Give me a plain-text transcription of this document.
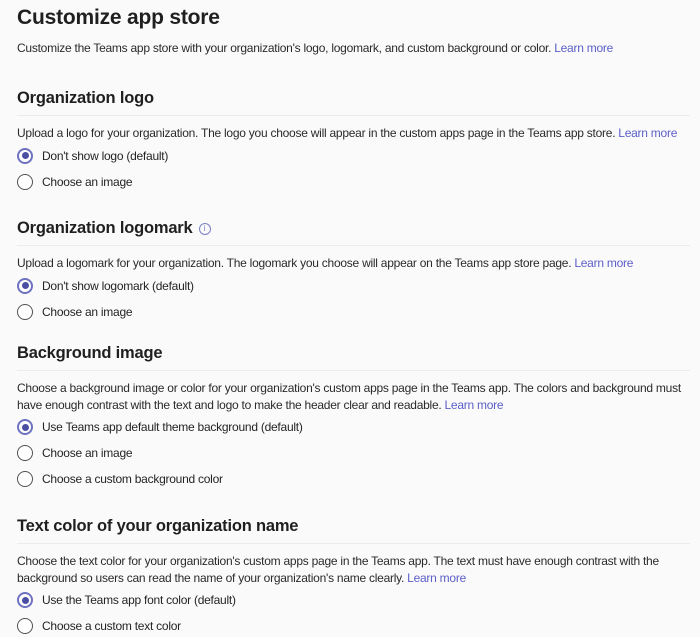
Customize app store

Customize the Teams app store with your organization's logo, logomark, and custom background or color. Learn more

Organization logo

Upload a logo for your organization. The logo you choose will appear in the custom apps page in the Teams app store. Learn more

Don't show logo (default)
Choose an image
Organization logomark i

Upload a logomark for your organization. The logomark you choose will appear on the Teams app store page. Learn more

Don't show logomark (default)
Choose an image
Background image

Choose a background image or color for your organization's custom apps page in the Teams app. The colors and background must have enough contrast with the text and logo to make the header clear and readable. Learn more

Use Teams app default theme background (default)
Choose an image
Choose a custom background color
Text color of your organization name

Choose the text color for your organization's custom apps page in the Teams app. The text must have enough contrast with the background so users can read the name of your organization's name clearly. Learn more

Use the Teams app font color (default)
Choose a custom text color
